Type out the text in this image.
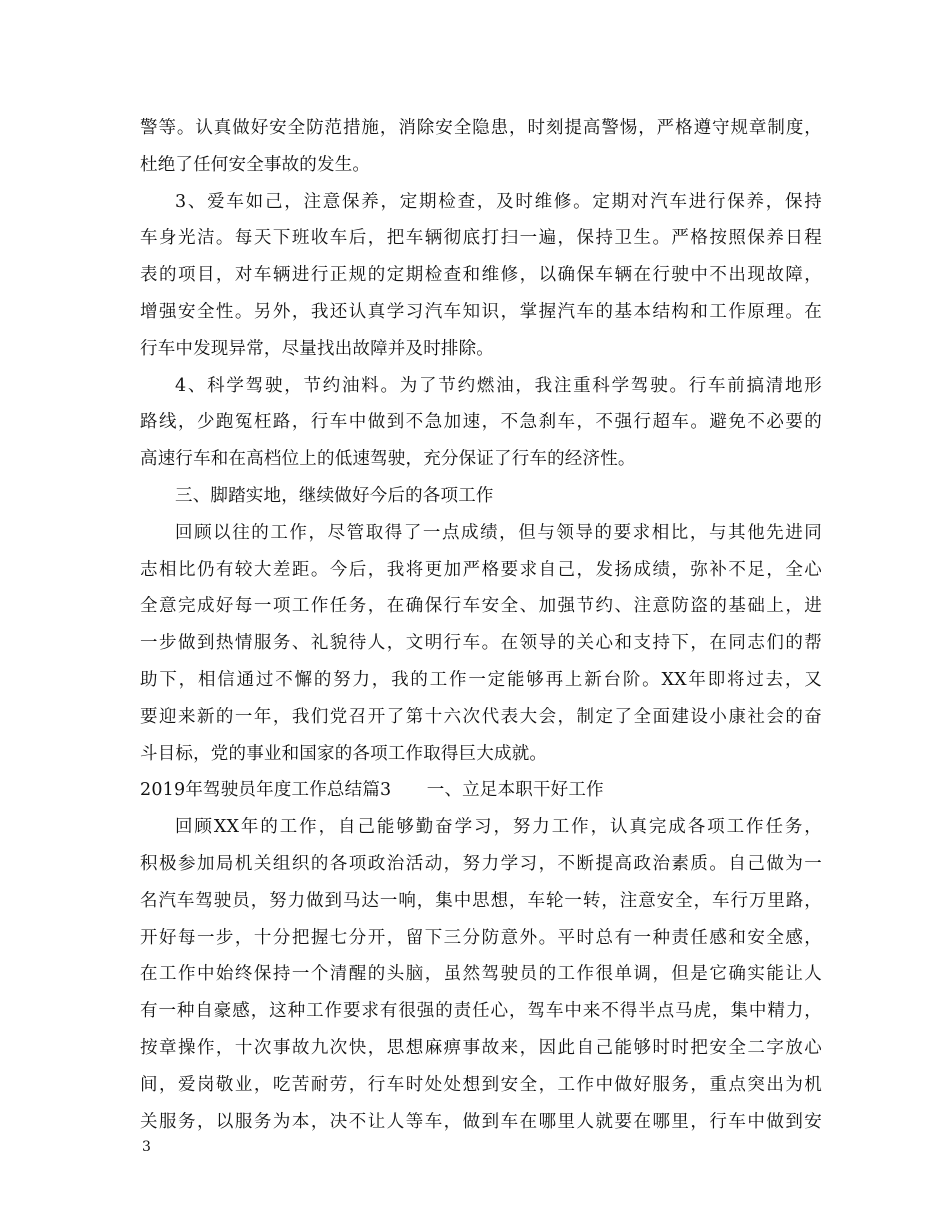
警等。认真做好安全防范措施，消除安全隐患，时刻提高警惕，严格遵守规章制度，
杜绝了任何安全事故的发生。
3、爱车如己，注意保养，定期检查，及时维修。定期对汽车进行保养，保持
车身光洁。每天下班收车后，把车辆彻底打扫一遍，保持卫生。严格按照保养日程
表的项目，对车辆进行正规的定期检查和维修，以确保车辆在行驶中不出现故障，
增强安全性。另外，我还认真学习汽车知识，掌握汽车的基本结构和工作原理。在
行车中发现异常，尽量找出故障并及时排除。
4、科学驾驶，节约油料。为了节约燃油，我注重科学驾驶。行车前搞清地形
路线，少跑冤枉路，行车中做到不急加速，不急刹车，不强行超车。避免不必要的
高速行车和在高档位上的低速驾驶，充分保证了行车的经济性。
三、脚踏实地，继续做好今后的各项工作
回顾以往的工作，尽管取得了一点成绩，但与领导的要求相比，与其他先进同
志相比仍有较大差距。今后，我将更加严格要求自己，发扬成绩，弥补不足，全心
全意完成好每一项工作任务，在确保行车安全、加强节约、注意防盗的基础上，进
一步做到热情服务、礼貌待人，文明行车。在领导的关心和支持下，在同志们的帮
助下，相信通过不懈的努力，我的工作一定能够再上新台阶。XX年即将过去，又
要迎来新的一年，我们党召开了第十六次代表大会，制定了全面建设小康社会的奋
斗目标，党的事业和国家的各项工作取得巨大成就。
2019年驾驶员年度工作总结篇3　　一、立足本职干好工作
回顾XX年的工作，自己能够勤奋学习，努力工作，认真完成各项工作任务，
积极参加局机关组织的各项政治活动，努力学习，不断提高政治素质。自己做为一
名汽车驾驶员，努力做到马达一响，集中思想，车轮一转，注意安全，车行万里路，
开好每一步，十分把握七分开，留下三分防意外。平时总有一种责任感和安全感，
在工作中始终保持一个清醒的头脑，虽然驾驶员的工作很单调，但是它确实能让人
有一种自豪感，这种工作要求有很强的责任心，驾车中来不得半点马虎，集中精力，
按章操作，十次事故九次快，思想麻痹事故来，因此自己能够时时把安全二字放心
间，爱岗敬业，吃苦耐劳，行车时处处想到安全，工作中做好服务，重点突出为机
关服务，以服务为本，决不让人等车，做到车在哪里人就要在哪里，行车中做到安
3
